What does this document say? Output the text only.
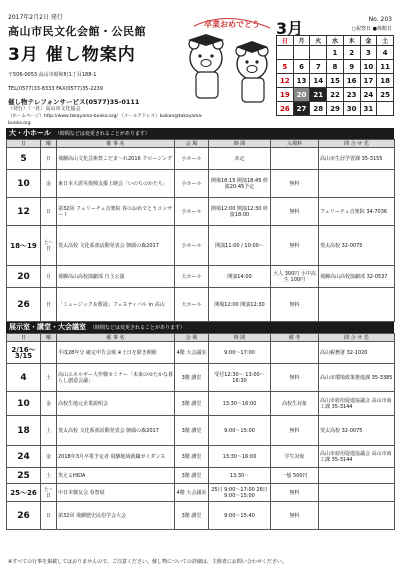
2017年2月2日 発行
高山市民文化会館・公民館
3月 催し物案内
〒506-0053 高山市昭和町1丁目188-1
TEL(0577)33-8333 FAX(0577)35-2239
催し物テレフォンサービス(0577)35-0111
（発行）（一社）高山市文化協会
（ホームページ）http://www.takayama-bunka.org/ （メールアドレス）kaikan@takayama-bunka.org
卒業おめでとう 3月	No. 203
○祝祭日 ●休館日
日	月	火	水	木	金	土
			1	2	3	4
5	6	7	8	9	10	11
12	13	14	15	16	17	18
19	20	21	22	23	24	25
26	27	28	29	30	31	
大・小ホール （時間などは変更されることがあります）
日	曜	催 事 名	会 場	時 間	入場料	問 合 せ 先
5	日	飛騨高山文化芸術祭こだま〜れ2016 クロージング	小ホール	未定		高山市生涯学習課 35-3155
10	金	東日本大震災復興支援上映会「いのちのかたち」	小ホール	開場18:15 開演18:45 終演20:45予定	無料	
12	日	第32回 フェリーチェ音楽院 春のおめでとうコンサート	小ホール	開場12:00 開演12:30 終演18:00	無料	フェリーチェ音楽院 34-7036
18〜19	土〜日	斐太高校 文化系部活動発表会 朝顔の森2017	小ホール	開演11:00 / 10:00〜	無料	斐太高校 32-0075
20	月	飛騨高山高校演劇部 自主公演	大ホール	開演14:00	大人 300円 小中高生 100円	飛騨高山高校演劇部 32-0537
26	日	「ミュージック＆歌謡」フェスティバル in 高山	大ホール	開場12:00 開演12:30	無料	
展示室・講堂・大会議室 （時間などは変更されることがあります）
日	曜	催 事 名	会 場	時 間	備 考	問 合 せ 先
2/16〜3/15		平成28年分 確定申告会場 ※土日を除き開催	4階 大会議室	9:00〜17:00		高山税務署 32-1020
4	土	高山エネルギー大作戦セミナー「未来のゆたかな暮らし創造会議」	3階 講堂	受付12:30〜 13:00〜16:30	無料	高山市環境政策推進課 35-3385
10	金	高校生地元企業説明会	3階 講堂	13:30〜16:00	高校生対象	高山市雇用促進協議会 高山市商工課 35-3144
18	土	斐太高校 文化系部活動発表会 朝顔の森2017	3階 講堂	9:00〜15:00	無料	斐太高校 32-0075
24	金	2018年3月卒業予定者 飛騨地域就職ガイダンス	3階 講堂	13:30〜16:00	学生対象	高山市雇用促進協議会 高山市商工課 35-3144
25	土	笑えるHIDA	3階 講堂	13:30〜	一般 500円	
25〜26	土〜日	中日本懐友会 春祭展	4階 大会議室	25日 9:00〜17:00 26日 9:00〜15:00	無料	
26	日	第32回 飛騨歴史民俗学会大会	3階 講堂	9:00〜15:40	無料	
※すべての行事を掲載してはおりませんので、ご注意ください。催し物についての詳細は、主催者にお問い合わせください。
